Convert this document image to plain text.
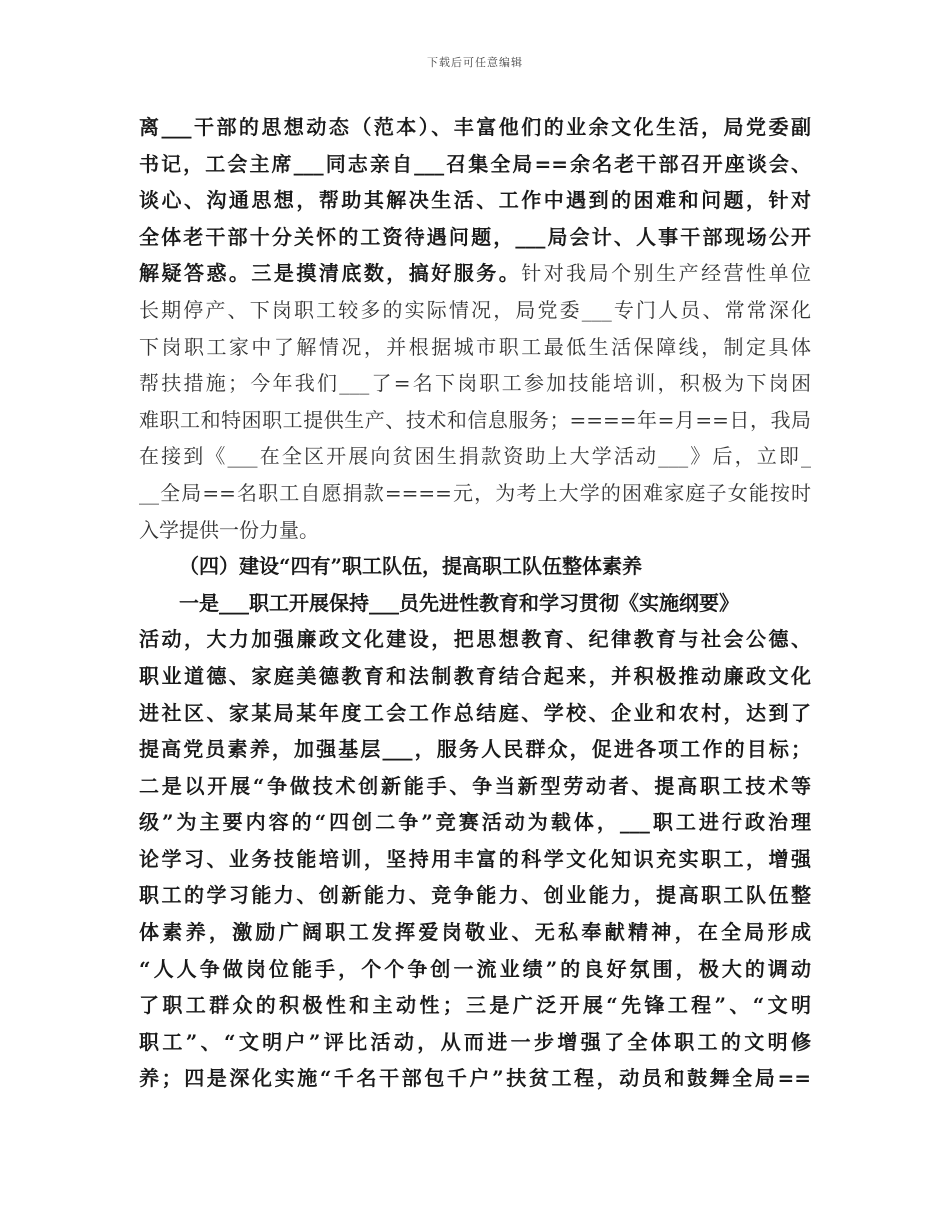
下载后可任意编辑
离___干部的思想动态（范本）、丰富他们的业余文化生活，局党委副
书记，工会主席___同志亲自___召集全局==余名老干部召开座谈会、
谈心、沟通思想，帮助其解决生活、工作中遇到的困难和问题，针对
全体老干部十分关怀的工资待遇问题，___局会计、人事干部现场公开
解疑答惑。三是摸清底数，搞好服务。针对我局个别生产经营性单位
长期停产、下岗职工较多的实际情况，局党委___专门人员、常常深化
下岗职工家中了解情况，并根据城市职工最低生活保障线，制定具体
帮扶措施；今年我们___了=名下岗职工参加技能培训，积极为下岗困
难职工和特困职工提供生产、技术和信息服务；====年=月==日，我局
在接到《___在全区开展向贫困生捐款资助上大学活动___》后，立即_
__全局==名职工自愿捐款====元，为考上大学的困难家庭子女能按时
入学提供一份力量。
（四）建设“四有”职工队伍，提高职工队伍整体素养
一是___职工开展保持___员先进性教育和学习贯彻《实施纲要》
活动，大力加强廉政文化建设，把思想教育、纪律教育与社会公德、
职业道德、家庭美德教育和法制教育结合起来，并积极推动廉政文化
进社区、家某局某年度工会工作总结庭、学校、企业和农村，达到了
提高党员素养，加强基层___，服务人民群众，促进各项工作的目标；
二是以开展“争做技术创新能手、争当新型劳动者、提高职工技术等
级”为主要内容的“四创二争”竞赛活动为载体，___职工进行政治理
论学习、业务技能培训，坚持用丰富的科学文化知识充实职工，增强
职工的学习能力、创新能力、竞争能力、创业能力，提高职工队伍整
体素养，激励广阔职工发挥爱岗敬业、无私奉献精神，在全局形成
“人人争做岗位能手，个个争创一流业绩”的良好氛围，极大的调动
了职工群众的积极性和主动性；三是广泛开展“先锋工程”、“文明
职工”、“文明户”评比活动，从而进一步增强了全体职工的文明修
养；四是深化实施“千名干部包千户”扶贫工程，动员和鼓舞全局==
